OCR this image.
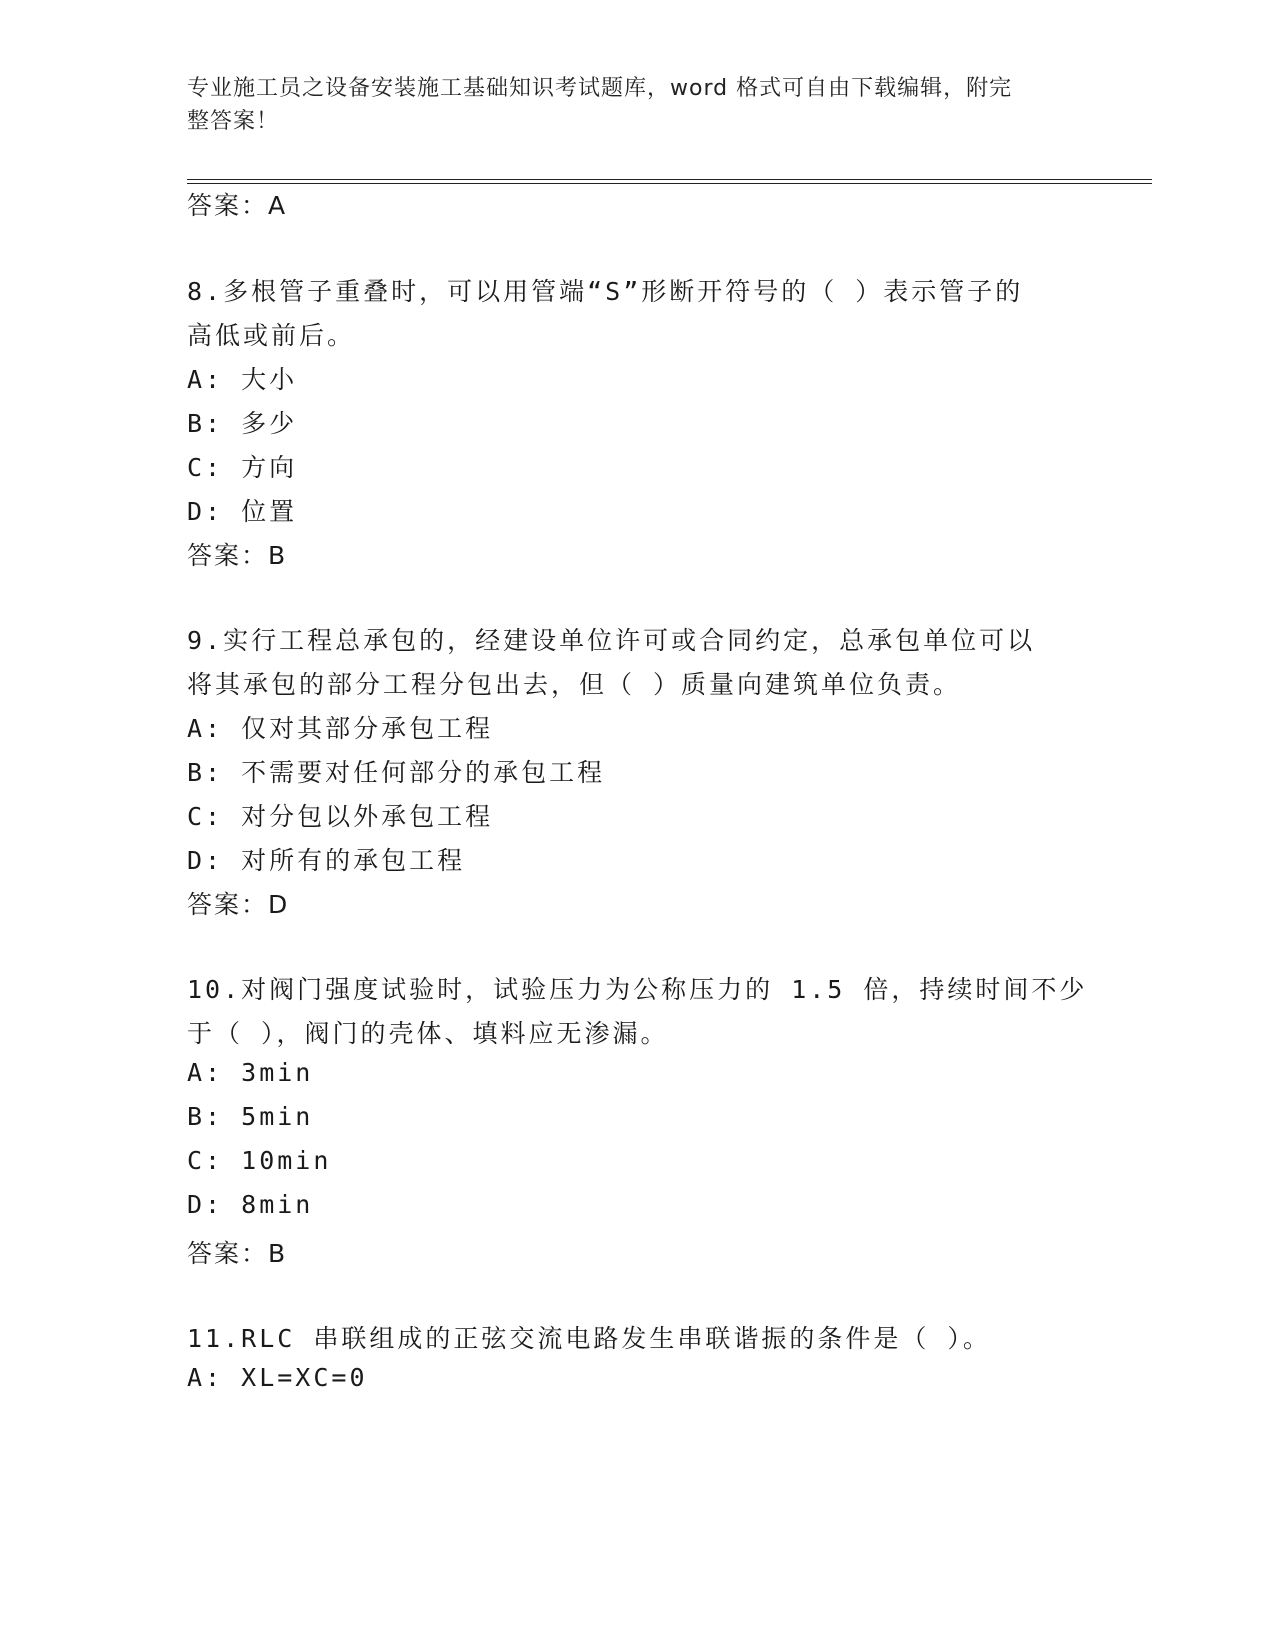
专业施工员之设备安装施工基础知识考试题库，word 格式可自由下载编辑，附完
整答案！
答案：A
8.多根管子重叠时，可以用管端“S”形断开符号的（ ）表示管子的
高低或前后。
A: 大小
B: 多少
C: 方向
D: 位置
答案：B
9.实行工程总承包的，经建设单位许可或合同约定，总承包单位可以
将其承包的部分工程分包出去，但（ ）质量向建筑单位负责。
A: 仅对其部分承包工程
B: 不需要对任何部分的承包工程
C: 对分包以外承包工程
D: 对所有的承包工程
答案：D
10.对阀门强度试验时，试验压力为公称压力的 1.5 倍，持续时间不少
于（ ），阀门的壳体、填料应无渗漏。
A: 3min
B: 5min
C: 10min
D: 8min
答案：B
11.RLC 串联组成的正弦交流电路发生串联谐振的条件是（ ）。
A: XL=XC=0
